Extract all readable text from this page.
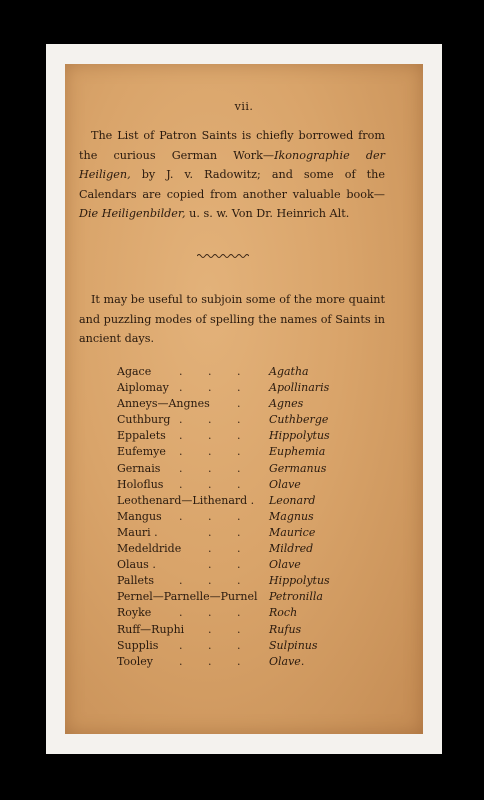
vii.
The List of Patron Saints is chiefly borrowed from the curious German Work—Ikonographie der Heiligen, by J. v. Radowitz; and some of the Calendars are copied from another valuable book—Die Heiligenbilder, u. s. w. Von Dr. Heinrich Alt.
It may be useful to subjoin some of the more quaint and puzzling modes of spelling the names of Saints in ancient days.
Agace	. . .	Agatha
Aiplomay . . .	Apollinaris
Anneys—Angnes .	Agnes
Cuthburg . . .	Cuthberge
Eppalets . . .	Hippolytus
Eufemye . . .	Euphemia
Gernais . . .	Germanus
Holoflus . . .	Olave
Leothenard—Lithenard . Leonard
Mangus . . .	Magnus
Mauri .	. .	Maurice
Medeldride . .	Mildred
Olaus .	. .	Olave
Pallets . . .	Hippolytus
Pernel—Parnelle—Purnel Petronilla
Royke	. . .	Roch
Ruff—Ruphi . .	Rufus
Supplis . . .	Sulpinus
Tooley . . .	Olave.
